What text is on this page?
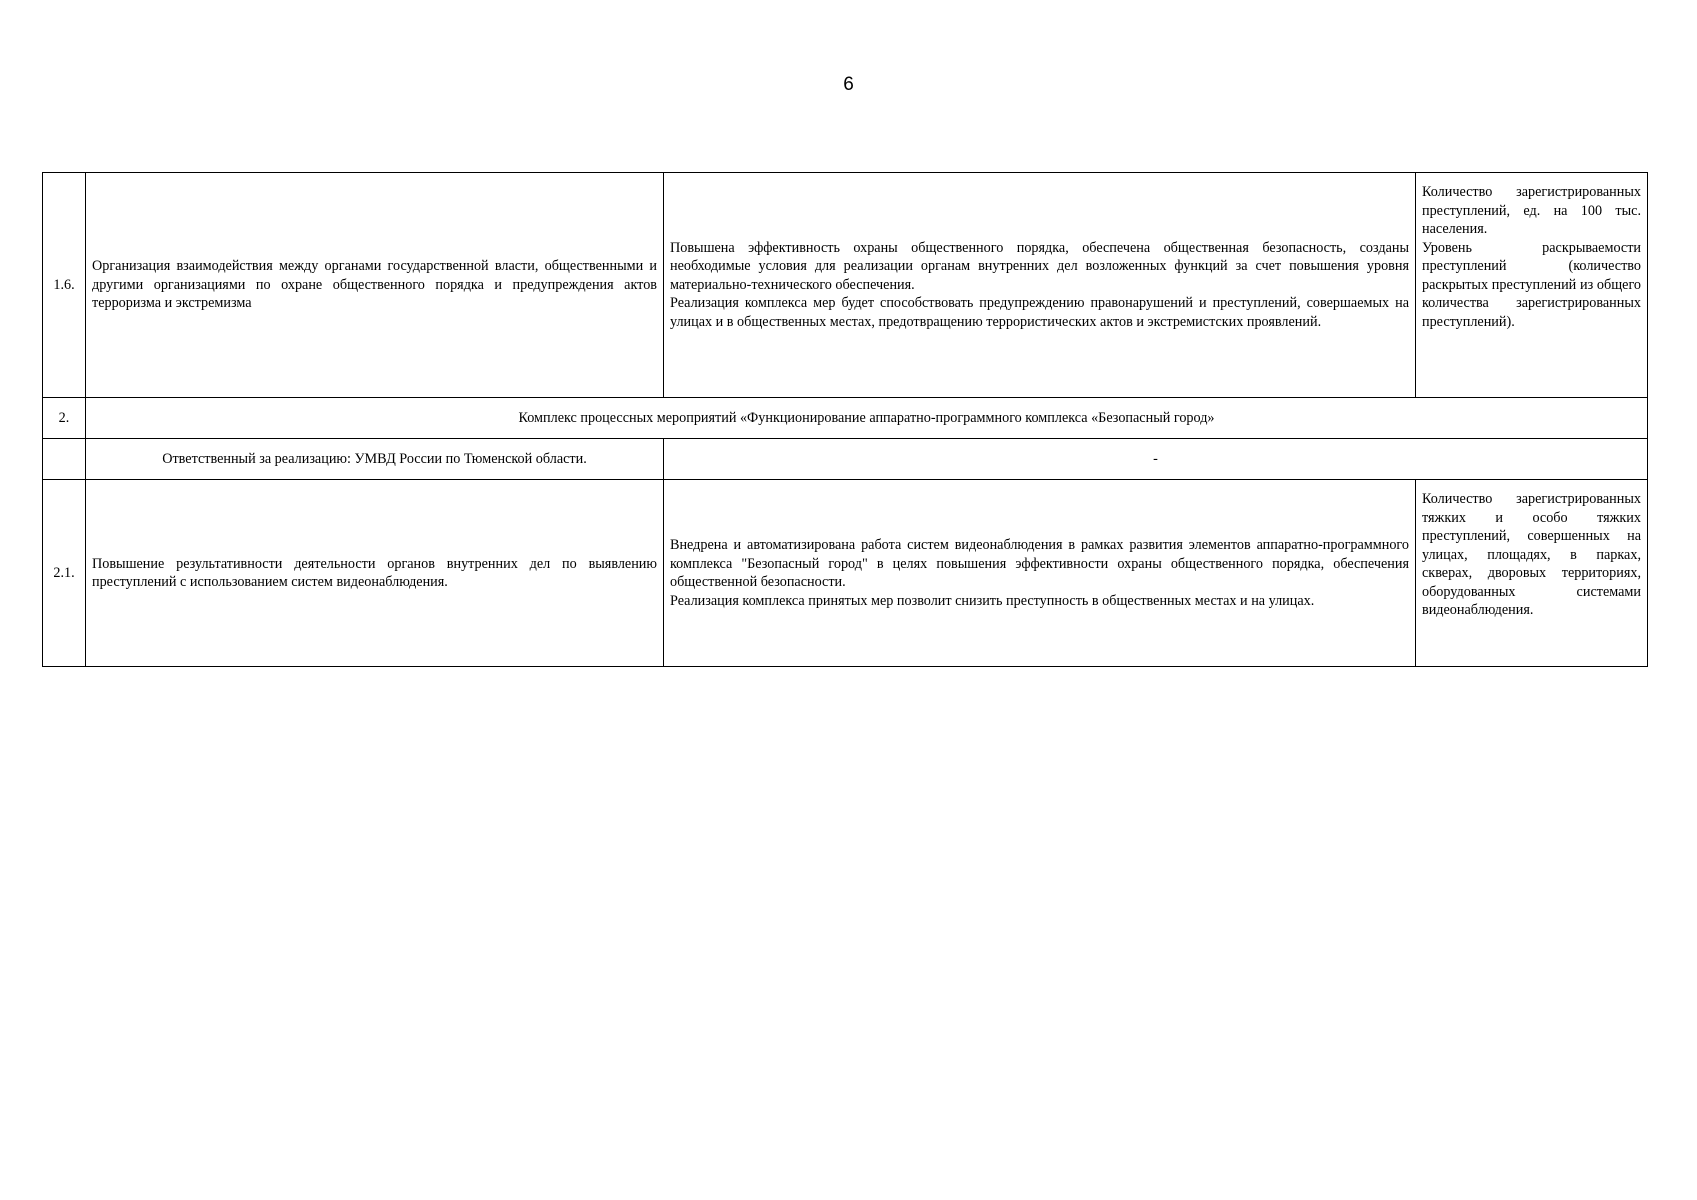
6
1.6.	Организация взаимодействия между органами государственной власти, общественными и другими организациями по охране общественного порядка и предупреждения актов терроризма и экстремизма	Повышена эффективность охраны общественного порядка, обеспечена общественная безопасность, созданы необходимые условия для реализации органам внутренних дел возложенных функций за счет повышения уровня материально-технического обеспечения.
Реализация комплекса мер будет способствовать предупреждению правонарушений и преступлений, совершаемых на улицах и в общественных местах, предотвращению террористических актов и экстремистских проявлений.	Количество зарегистрированных преступлений, ед. на 100 тыс. населения.
Уровень раскрываемости преступлений (количество раскрытых преступлений из общего количества зарегистрированных преступлений).

2.	Комплекс процессных мероприятий «Функционирование аппаратно-программного комплекса «Безопасный город»		
	Ответственный за реализацию: УМВД России по Тюменской области.	-	
2.1.	Повышение результативности деятельности органов внутренних дел по выявлению преступлений с использованием систем видеонаблюдения.	Внедрена и автоматизирована работа систем видеонаблюдения в рамках развития элементов аппаратно-программного комплекса "Безопасный город" в целях повышения эффективности охраны общественного порядка, обеспечения общественной безопасности.
Реализация комплекса принятых мер позволит снизить преступность в общественных местах и на улицах.	Количество зарегистрированных тяжких и особо тяжких преступлений, совершенных на улицах, площадях, в парках, скверах, дворовых территориях, оборудованных системами видеонаблюдения.
